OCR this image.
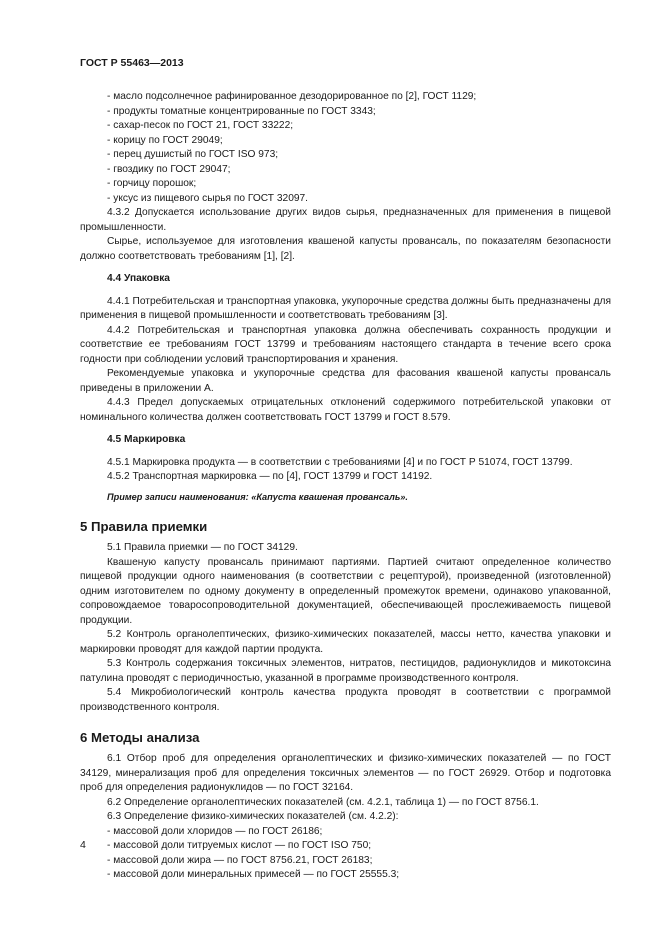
ГОСТ Р 55463—2013

- масло подсолнечное рафинированное дезодорированное по [2], ГОСТ 1129;

- продукты томатные концентрированные по ГОСТ 3343;

- сахар-песок по ГОСТ 21, ГОСТ 33222;

- корицу по ГОСТ 29049;

- перец душистый по ГОСТ ISO 973;

- гвоздику по ГОСТ 29047;

- горчицу порошок;

- уксус из пищевого сырья по ГОСТ 32097.

4.3.2 Допускается использование других видов сырья, предназначенных для применения в пищевой промышленности.

Сырье, используемое для изготовления квашеной капусты провансаль, по показателям безопасности должно соответствовать требованиям [1], [2].

4.4 Упаковка

4.4.1 Потребительская и транспортная упаковка, укупорочные средства должны быть предназначены для применения в пищевой промышленности и соответствовать требованиям [3].

4.4.2 Потребительская и транспортная упаковка должна обеспечивать сохранность продукции и соответствие ее требованиям ГОСТ 13799 и требованиям настоящего стандарта в течение всего срока годности при соблюдении условий транспортирования и хранения.

Рекомендуемые упаковка и укупорочные средства для фасования квашеной капусты провансаль приведены в приложении А.

4.4.3 Предел допускаемых отрицательных отклонений содержимого потребительской упаковки от номинального количества должен соответствовать ГОСТ 13799 и ГОСТ 8.579.

4.5 Маркировка

4.5.1 Маркировка продукта — в соответствии с требованиями [4] и по ГОСТ Р 51074, ГОСТ 13799.

4.5.2 Транспортная маркировка — по [4], ГОСТ 13799 и ГОСТ 14192.

Пример записи наименования: «Капуста квашеная провансаль».

5 Правила приемки

5.1 Правила приемки — по ГОСТ 34129.

Квашеную капусту провансаль принимают партиями. Партией считают определенное количество пищевой продукции одного наименования (в соответствии с рецептурой), произведенной (изготовленной) одним изготовителем по одному документу в определенный промежуток времени, одинаково упакованной, сопровождаемое товаросопроводительной документацией, обеспечивающей прослеживаемость пищевой продукции.

5.2 Контроль органолептических, физико-химических показателей, массы нетто, качества упаковки и маркировки проводят для каждой партии продукта.

5.3 Контроль содержания токсичных элементов, нитратов, пестицидов, радионуклидов и микотоксина патулина проводят с периодичностью, указанной в программе производственного контроля.

5.4 Микробиологический контроль качества продукта проводят в соответствии с программой производственного контроля.

6 Методы анализа

6.1 Отбор проб для определения органолептических и физико-химических показателей — по ГОСТ 34129, минерализация проб для определения токсичных элементов — по ГОСТ 26929. Отбор и подготовка проб для определения радионуклидов — по ГОСТ 32164.

6.2 Определение органолептических показателей (см. 4.2.1, таблица 1) — по ГОСТ 8756.1.

6.3 Определение физико-химических показателей (см. 4.2.2):

- массовой доли хлоридов — по ГОСТ 26186;

- массовой доли титруемых кислот — по ГОСТ ISO 750;

- массовой доли жира — по ГОСТ 8756.21, ГОСТ 26183;

- массовой доли минеральных примесей — по ГОСТ 25555.3;

4
